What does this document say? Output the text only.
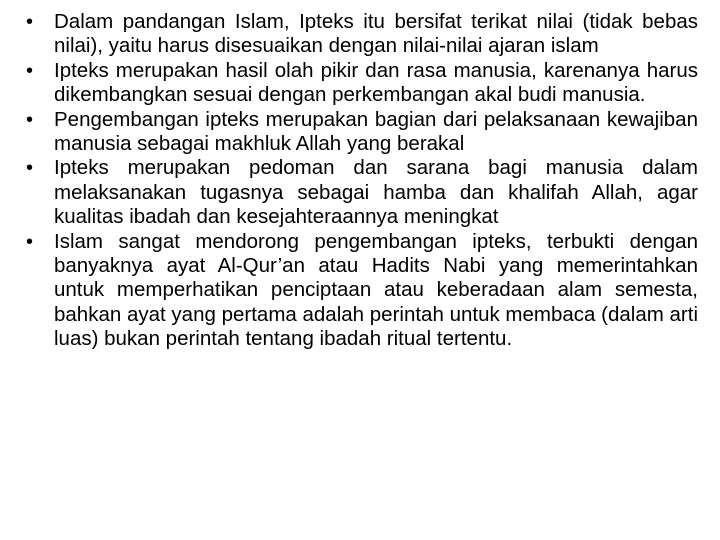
•	Dalam pandangan Islam, Ipteks itu bersifat terikat nilai (tidak bebas nilai), yaitu harus disesuaikan dengan nilai-nilai ajaran islam
•	Ipteks merupakan hasil olah pikir dan rasa manusia, karenanya harus dikembangkan sesuai dengan perkembangan akal budi manusia.
•	Pengembangan ipteks merupakan bagian dari pelaksanaan kewajiban manusia sebagai makhluk Allah yang berakal
•	Ipteks merupakan pedoman dan sarana bagi manusia dalam melaksanakan tugasnya sebagai hamba dan khalifah Allah, agar kualitas ibadah dan kesejahteraannya meningkat
•	Islam sangat mendorong pengembangan ipteks, terbukti dengan banyaknya ayat Al-Qur’an atau Hadits Nabi yang memerintahkan untuk memperhatikan penciptaan atau keberadaan alam semesta, bahkan ayat yang pertama adalah perintah untuk membaca (dalam arti luas) bukan perintah tentang ibadah ritual tertentu.
